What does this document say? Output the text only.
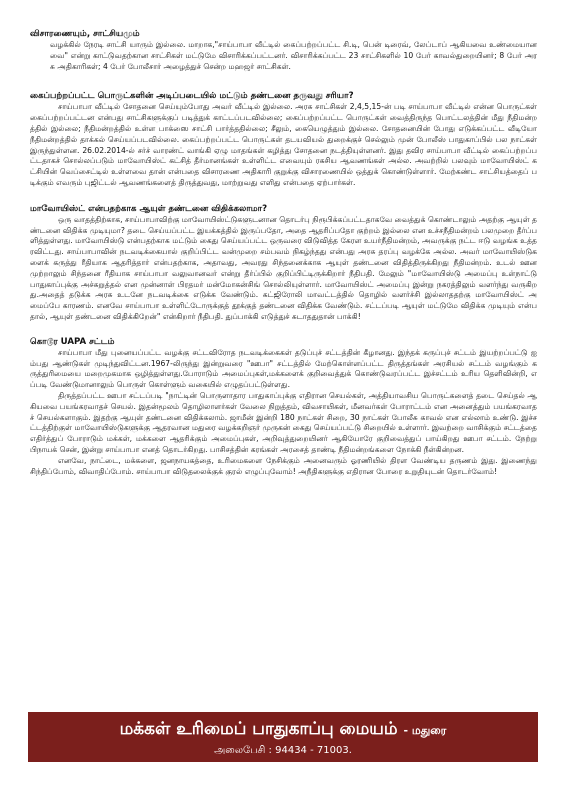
விசாரணையும், சாட்சியமும்

வழக்கில் நேரடி சாட்சி யாரும் இல்லை. மாறாக,"சாய்பாபா வீட்டில் கைப்பற்றப்பட்ட சி.டி, பென் டிரைவ், லேப்டாப் ஆகியவை உண்மையானவை" என்று காட்டுவதற்கான சாட்சிகள் மட்டுமே விசாரிக்கப்பட்டனர். விசாரிக்கப்பட்ட 23 சாட்சிகளில் 10 பேர் காவல்துறையினர்; 8 பேர் அரசு அதிகாரிகள்; 4 பேர் போலீசார் அழைத்துச் சென்ற மஹஜர் சாட்சிகள்.

கைப்பற்றப்பட்ட பொருட்களின் அடிப்படையில் மட்டும் தண்டனை தருவது சரியா?

சாய்பாபா வீட்டில் சோதனை செய்யும்போது அவர் வீட்டில் இல்லை. அரசு சாட்சிகள் 2,4,5,15-ன் படி சாய்பாபா வீட்டில் என்ன பொருட்கள் கைப்பற்றப்பட்டன என்பது சாட்சிகளுக்குப் படித்துக் காட்டப்படவில்லை; கைப்பற்றப்பட்ட பொருட்கள் வைத்திருந்த பொட்டலத்தின் மீது நீதிமன்றத்தில் இல்லை; நீதிமன்றத்தில் உள்ள பாக்ஸை சாட்சி பார்த்ததில்லை; சீலும், கையெழுத்தும் இல்லை. சோதனையின் போது எடுக்கப்பட்ட வீடியோ நீதிமன்றத்தில் தாக்கல் செய்யப்படவில்லை. கைப்பற்றப்பட்ட பொருட்கள் தடயவியல் துறைக்குச் செல்லும் முன் போலீஸ் பாதுகாப்பில் பல நாட்கள் இருந்துள்ளன. 26.02.2014-ல் சர்ச் வாரண்ட் வாங்கி ஏழு மாதங்கள் கழித்து சோதனை நடத்தியுள்ளனர். இது தவிர சாய்பாபா வீட்டில் கைப்பற்றப்பட்டதாகச் சொல்லப்படும் மாவோயிஸ்ட் கட்சித் தீர்மானங்கள் உள்ளிட்ட எவையும் ரகசிய ஆவணங்கள் அல்ல. அவற்றில் பலவும் மாவோயிஸ்ட் கட்சியின் வெப்சைட்டில் உள்ளவை தான் என்பதை விசாரணை அதிகாரி குறுக்கு விசாரணையில் ஒத்துக் கொண்டுள்ளார். மேற்கண்ட சாட்சியத்தைப் படிக்கும் எவரும் புஜிட்டல் ஆவணங்களைத் திருத்துவது, மாற்றுவது எளிது என்பதை ஏற்பார்கள்.

மாவோயிஸ்ட் என்பதற்காக ஆயுள் தண்டனை விதிக்கலாமா?

ஒரு வாதத்திற்காக, சாய்பாபாவிற்கு மாவோயிஸ்ட்டுகளுடனான தொடர்பு நிரூபிக்கப்பட்டதாகவே வைத்துக் கொண்டாலும் அதற்கு ஆயுள் தண்டனை விதிக்க முடியுமா? தடை செய்யப்பட்ட இயக்கத்தில் இருப்பதோ, அதை ஆதரிப்பதோ குற்றம் இல்லை என உச்சநீதிமன்றம் பலமுறை தீர்ப்பளித்துள்ளது. மாவோயிஸ்டு என்பதற்காக மட்டும் கைது செய்யப்பட்ட ஒருவரை விடுவித்த கேரள உயர்நீதிமன்றம், அவருக்கு நட்ட ஈடு வழங்க உத்தரவிட்டது. சாய்பாபாவின் நடவடிக்கையால் குறிப்பிட்ட வன்முறை சம்பவம் நிகழ்ந்தது என்பது அரசு தரப்பு வழக்கே அல்ல. அவர் மாவோயிஸ்டுகளைக் கருத்து ரீதியாக ஆதரித்தார் என்பதற்காக, அதாவது, அவரது சிந்தனைக்காக ஆயுள் தண்டனை விதித்திருக்கிறது நீதிமன்றம். உடல் ஊனமுற்றாலும் சிந்தனை ரீதியாக சாய்பாபா வலுவானவர் என்று தீர்ப்பில் குறிப்பிட்டிருக்கிறார் நீதிபதி. மேலும் "மாவோயிஸ்டு அமைப்பு உள்நாட்டு பாதுகாப்புக்கு அச்சுறுத்தல் என முன்னாள் பிரதமர் மன்மோகன்சிங் சொல்லியுள்ளார். மாவோயிஸ்ட் அமைப்பு இன்று நகரத்திலும் வளர்ந்து வருகிறது.அதைத் தடுக்க அரசு உடனே நடவடிக்கை எடுக்க வேண்டும். கட்ஜிரோலி மாவட்டத்தில் தொழில் வளர்ச்சி இல்லாததற்கு மாவோயிஸ்ட் அமைப்பே காரணம். எனவே சாய்பாபா உள்ளிட்டோருக்குத் தூக்குத் தண்டனை விதிக்க வேண்டும். சட்டப்படி ஆயுள் மட்டுமே விதிக்க முடியும் என்பதால், ஆயுள் தண்டனை விதிக்கிறேன்" என்கிறார் நீதிபதி. துப்பாக்கி எடுத்துச் சுடாததுதான் பாக்கி!

கொடூர UAPA சட்டம்

சாய்பாபா மீது புனையப்பட்ட வழக்கு சட்டவிரோத நடவடிக்கைகள் தடுப்புச் சட்டத்தின் கீழானது. இந்தக் கருப்புச் சட்டம் இயற்றப்பட்டு ஐம்பது ஆண்டுகள் முடிந்துவிட்டன.1967-லிருந்து இன்றுவரை "ஊபா" சட்டத்தில் மேற்கொள்ளப்பட்ட திருத்தங்கள் அரசியல் சட்டம் வழங்கும் கருத்துரிமையை மறைமுகமாக ஒழித்துள்ளது.போராடும் அமைப்புகள்,மக்களைக் குறிவைத்துக் கொண்டுவரப்பட்ட இச்சட்டம் உரிய தெளிவின்றி, எப்படி வேண்டுமானாலும் பொருள் கொள்ளும் வகையில் எழுதப்பட்டுள்ளது.

திருத்தப்பட்ட ஊபா சட்டப்படி "நாட்டின் பொருளாதார பாதுகாப்புக்கு எதிரான செயல்கள், அத்தியாவசிய பொருட்களைத் தடை செய்தல் ஆகியவை பயங்கரவாதச் செயல். இதன்மூலம் தொழிலாளர்கள் வேலை நிறுத்தம், விவசாயிகள், மீனவர்கள் போராட்டம் என அனைத்தும் பயங்கரவாதச் செயல்களாகும். இதற்கு ஆயுள் தண்டனை விதிக்கலாம். ஜாமீன் இன்றி 180 நாட்கள் சிறை, 30 நாட்கள் போலீசு காவல் என எல்லாம் உண்டு. இச்சட்டத்திற்குள் மாவோயிஸ்டுகளுக்கு ஆதரவான மதுரை வழக்கறிஞர் முருகன் கைது செய்யப்பட்டு சிறையில் உள்ளார். இவற்றை வாசிக்கும் சட்டத்தை எதிர்த்துப் போராடும் மக்கள், மக்களை ஆதரிக்கும் அமைப்புகள், அறிவுத்துறையினர் ஆகியோரே குறிவைத்துப் பாய்கிறது ஊபா சட்டம். நேற்று பிநாயக் சென், இன்று சாய்பாபா எனத் தொடர்கிறது. பாசிசத்தின் கரங்கள் அரசைத் தாண்டி நீதிமன்றங்களை நோக்கி நீள்கின்றன.

எனவே, நாட்டை, மக்களை, ஜனநாயகத்தை, உரிமைகளை நேசிக்கும் அனைவரும் ஓரணியில் திரள வேண்டிய தருணம் இது. இணைந்து சிந்திப்போம், விவாதிப்போம். சாய்பாபா விடுதலைக்குக் குரல் எழுப்புவோம்! அநீதிகளுக்கு எதிரான போரை உறுதியுடன் தொடர்வோம்!

மக்கள் உரிமைப் பாதுகாப்பு மையம் - மதுரை
அலைபேசி : 94434 - 71003.
